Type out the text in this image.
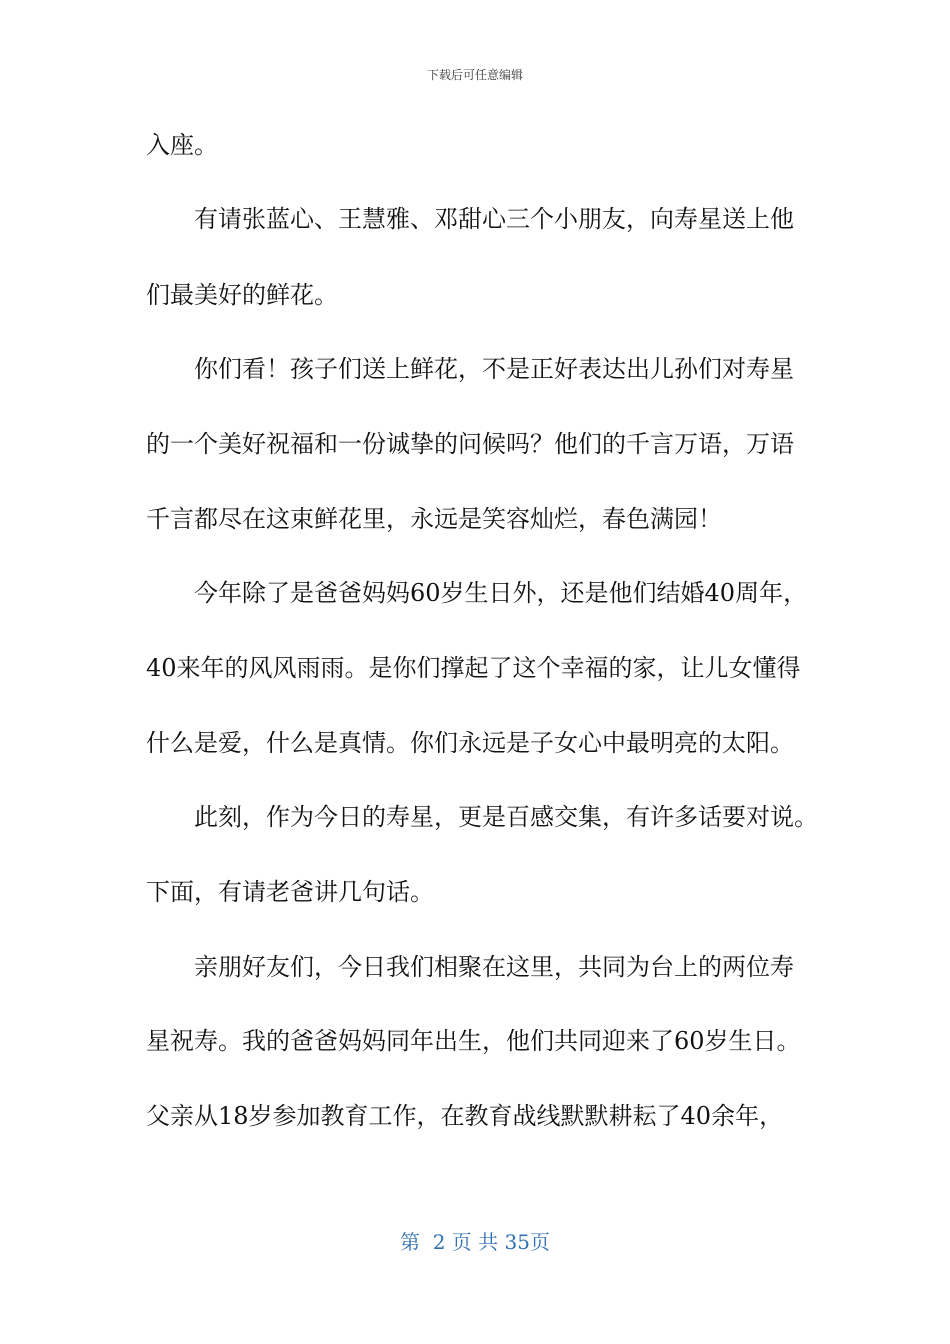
下载后可任意编辑
入座。
有请张蓝心、王慧雅、邓甜心三个小朋友，向寿星送上他
们最美好的鲜花。
你们看！孩子们送上鲜花，不是正好表达出儿孙们对寿星
的一个美好祝福和一份诚挚的问候吗？他们的千言万语，万语
千言都尽在这束鲜花里，永远是笑容灿烂，春色满园！
今年除了是爸爸妈妈60岁生日外，还是他们结婚40周年，
40来年的风风雨雨。是你们撑起了这个幸福的家，让儿女懂得
什么是爱，什么是真情。你们永远是子女心中最明亮的太阳。
此刻，作为今日的寿星，更是百感交集，有许多话要对说。
下面，有请老爸讲几句话。
亲朋好友们，今日我们相聚在这里，共同为台上的两位寿
星祝寿。我的爸爸妈妈同年出生，他们共同迎来了60岁生日。
父亲从18岁参加教育工作，在教育战线默默耕耘了40余年，
第  2 页 共 35页
